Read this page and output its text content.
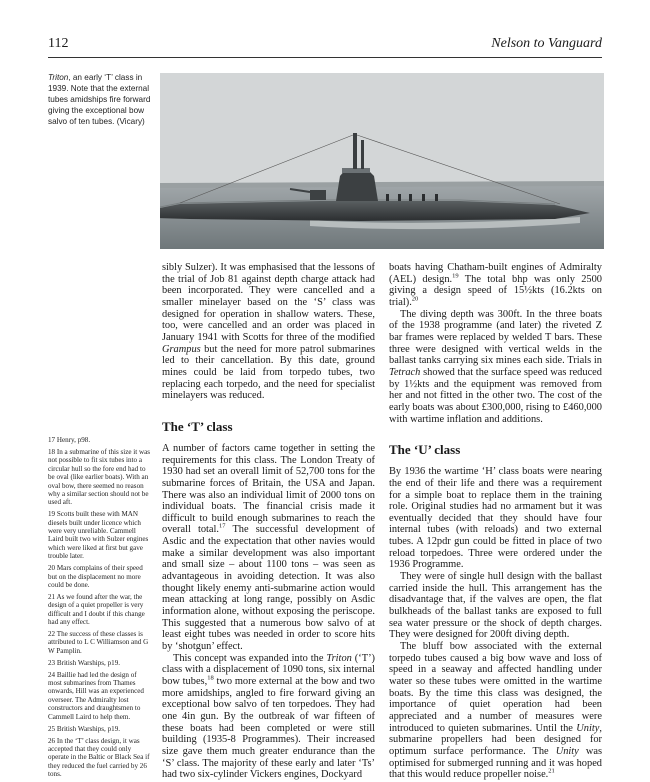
112	Nelson to Vanguard
Triton, an early ‘T’ class in 1939. Note that the external tubes amidships fire forward giving the exceptional bow salvo of ten tubes. (Vicary)

17 Henry, p98.

18 In a submarine of this size it was not possible to fit six tubes into a circular hull so the fore end had to be oval (like earlier boats). With an oval bow, there seemed no reason why a similar section should not be used aft.

19 Scotts built these with MAN diesels built under licence which were very unreliable. Cammell Laird built two with Sulzer engines which were liked at first but gave trouble later.

20 Mars complains of their speed but on the displacement no more could be done.

21 As we found after the war, the design of a quiet propeller is very difficult and I doubt if this change had any effect.

22 The success of these classes is attributed to L C Williamson and G W Pamplin.

23 British Warships, p19.

24 Baillie had led the design of most submarines from Thames onwards, Hill was an experienced overseer. The Admiralty lost constructors and draughtsmen to Cammell Laird to help them.

25 British Warships, p19.

26 In the ‘T’ class design, it was accepted that they could only operate in the Baltic or Black Sea if they reduced the fuel carried by 26 tons.

sibly Sulzer). It was emphasised that the lessons of the trial of Job 81 against depth charge attack had been incorporated. They were cancelled and a smaller minelayer based on the ‘S’ class was designed for operation in shallow waters. These, too, were cancelled and an order was placed in January 1941 with Scotts for three of the modified Grampus but the need for more patrol submarines led to their cancellation. By this date, ground mines could be laid from torpedo tubes, two replacing each torpedo, and the need for specialist minelayers was reduced.

The ‘T’ class

A number of factors came together in setting the requirements for this class. The London Treaty of 1930 had set an overall limit of 52,700 tons for the submarine forces of Britain, the USA and Japan. There was also an individual limit of 2000 tons on individual boats. The financial crisis made it difficult to build enough submarines to reach the overall total.$^{17}$ The successful development of Asdic and the expectation that other navies would make a similar development was also important and small size – about 1100 tons – was seen as advantageous in avoiding detection. It was also thought likely enemy anti-submarine action would mean attacking at long range, possibly on Asdic information alone, without exposing the periscope. This suggested that a numerous bow salvo of at least eight tubes was needed in order to score hits by ‘shotgun’ effect.

This concept was expanded into the Triton (‘T’) class with a displacement of 1090 tons, six internal bow tubes,$^{18}$ two more external at the bow and two more amidships, angled to fire forward giving an exceptional bow salvo of ten torpedoes. They had one 4in gun. By the outbreak of war fifteen of these boats had been completed or were still building (1935-8 Programmes). Their increased size gave them much greater endurance than the ‘S’ class. The majority of these early and later ‘Ts’ had two six-cylinder Vickers engines, Dockyard

boats having Chatham-built engines of Admiralty (AEL) design.$^{19}$ The total bhp was only 2500 giving a design speed of 15½kts (16.2kts on trial).$^{20}$

The diving depth was 300ft. In the three boats of the 1938 programme (and later) the riveted Z bar frames were replaced by welded T bars. These three were designed with vertical welds in the ballast tanks carrying six mines each side. Trials in Tetrach showed that the surface speed was reduced by 1½kts and the equipment was removed from her and not fitted in the other two. The cost of the early boats was about £300,000, rising to £460,000 with wartime inflation and additions.

The ‘U’ class

By 1936 the wartime ‘H’ class boats were nearing the end of their life and there was a requirement for a simple boat to replace them in the training role. Original studies had no armament but it was eventually decided that they should have four internal tubes (with reloads) and two external tubes. A 12pdr gun could be fitted in place of two reload torpedoes. Three were ordered under the 1936 Programme.

They were of single hull design with the ballast carried inside the hull. This arrangement has the disadvantage that, if the valves are open, the flat bulkheads of the ballast tanks are exposed to full sea water pressure or the shock of depth charges. They were designed for 200ft diving depth.

The bluff bow associated with the external torpedo tubes caused a big bow wave and loss of speed in a seaway and affected handling under water so these tubes were omitted in the wartime boats. By the time this class was designed, the importance of quiet operation had been appreciated and a number of measures were introduced to quieten submarines. Until the Unity, submarine propellers had been designed for optimum surface performance. The Unity was optimised for submerged running and it was hoped that this would reduce propeller noise.$^{21}$
